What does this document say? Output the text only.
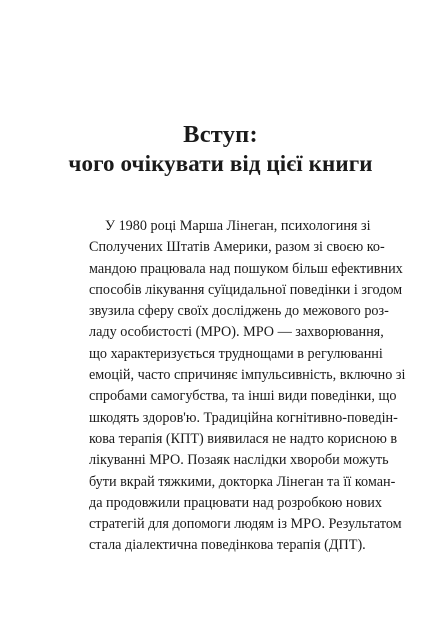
Вступ:
чого очікувати від цієї книги
У 1980 році Марша Лінеган, психологиня зі
Сполучених Штатів Америки, разом зі своєю ко-
мандою працювала над пошуком більш ефективних
способів лікування суїцидальної поведінки і згодом
звузила сферу своїх досліджень до межового роз-
ладу особистості (МРО). МРО — захворювання,
що характеризується труднощами в регулюванні
емоцій, часто спричиняє імпульсивність, включно зі
спробами самогубства, та інші види поведінки, що
шкодять здоров'ю. Традиційна когнітивно-поведін-
кова терапія (КПТ) виявилася не надто корисною в
лікуванні МРО. Позаяк наслідки хвороби можуть
бути вкрай тяжкими, докторка Лінеган та її коман-
да продовжили працювати над розробкою нових
стратегій для допомоги людям із МРО. Результатом
стала діалектична поведінкова терапія (ДПТ).
